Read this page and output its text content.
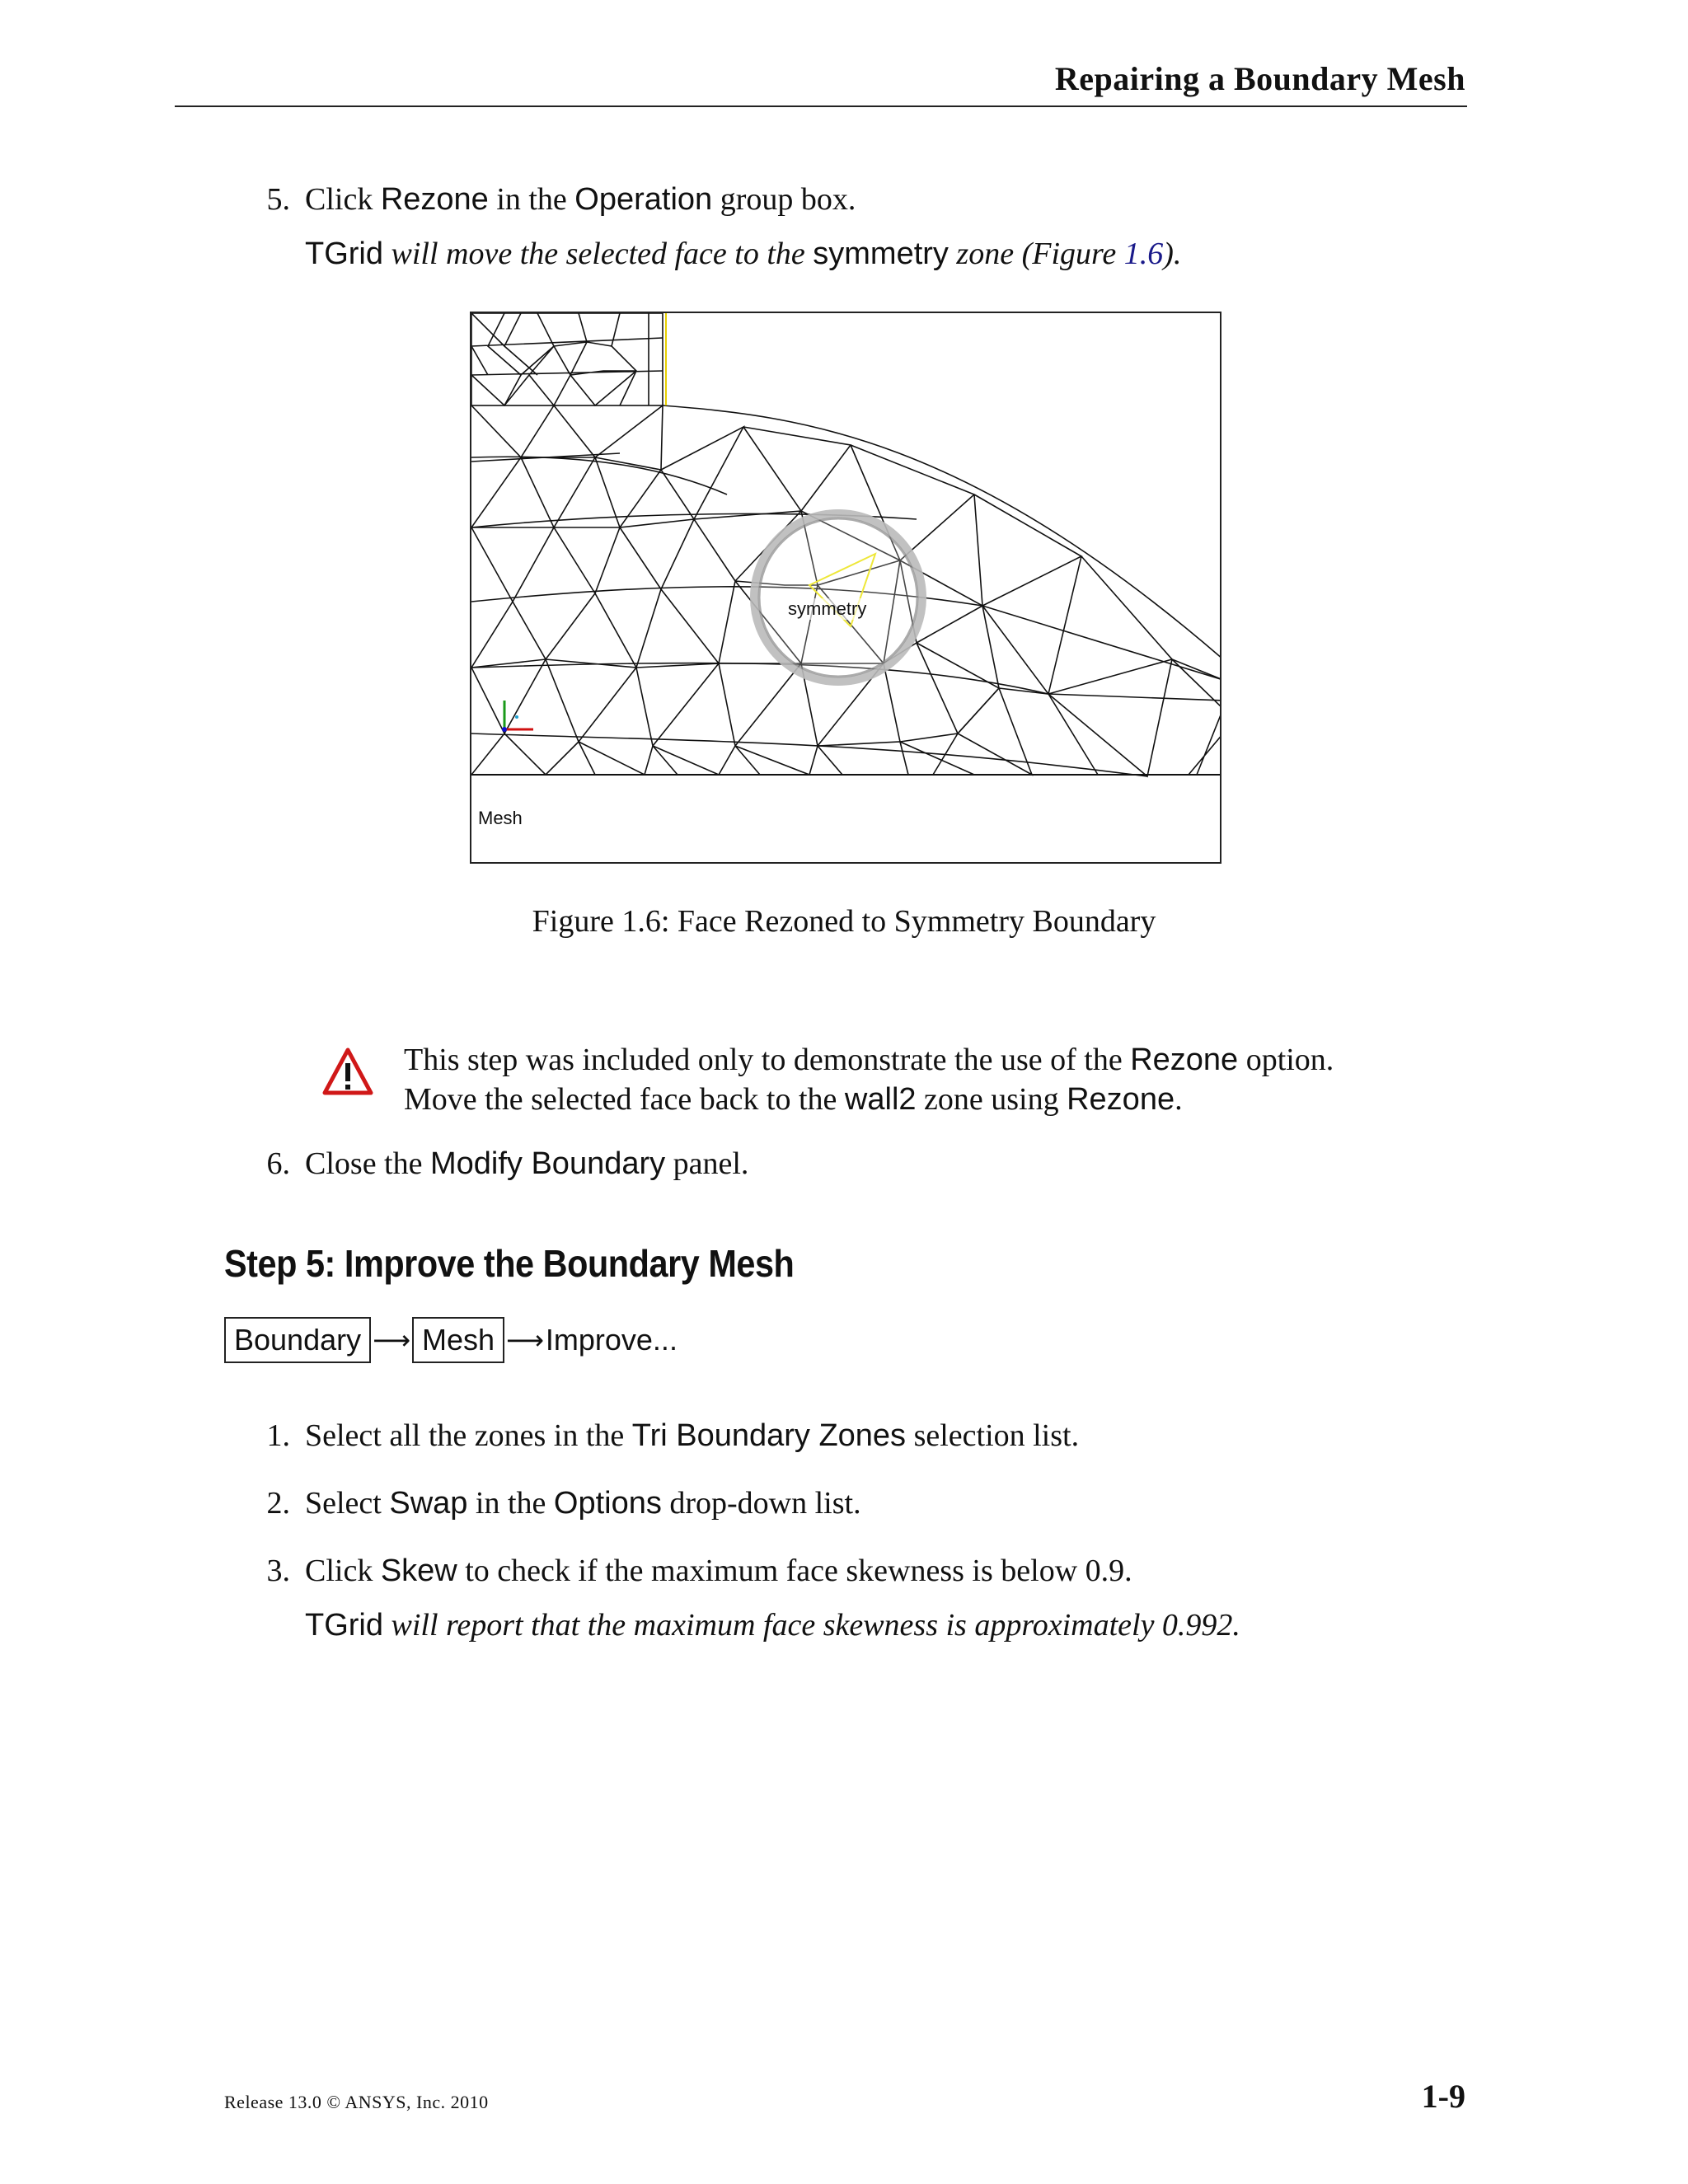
Repairing a Boundary Mesh
5. Click Rezone in the Operation group box.
TGrid will move the selected face to the symmetry zone (Figure 1.6).
symmetry
Mesh
Figure 1.6: Face Rezoned to Symmetry Boundary
This step was included only to demonstrate the use of the Rezone option.
Move the selected face back to the wall2 zone using Rezone.
6. Close the Modify Boundary panel.
Step 5: Improve the Boundary Mesh
Boundary ⟶ Mesh ⟶ Improve...
1. Select all the zones in the Tri Boundary Zones selection list.
2. Select Swap in the Options drop-down list.
3. Click Skew to check if the maximum face skewness is below 0.9.
TGrid will report that the maximum face skewness is approximately 0.992.
Release 13.0 © ANSYS, Inc. 2010	1-9
